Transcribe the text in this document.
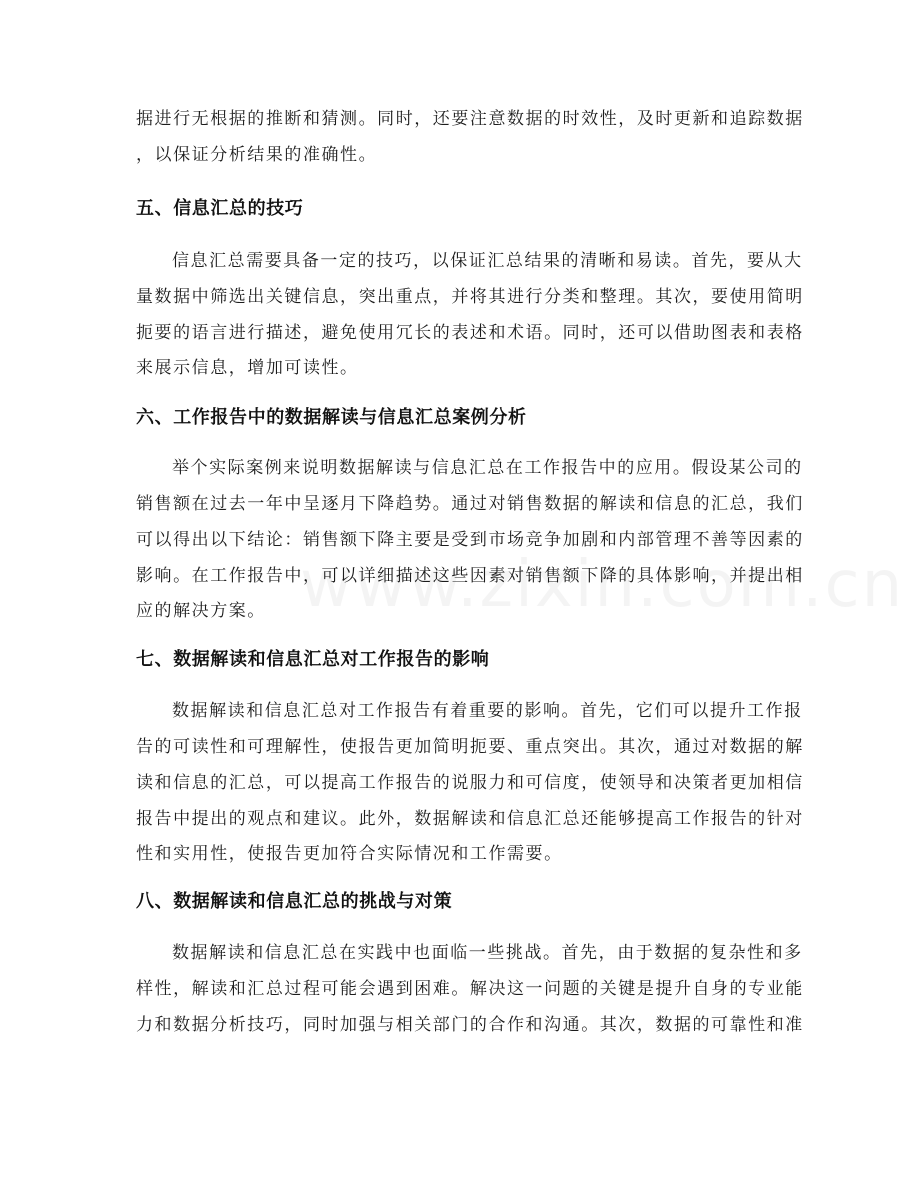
据进行无根据的推断和猜测。同时，还要注意数据的时效性，及时更新和追踪数据
，以保证分析结果的准确性。
五、信息汇总的技巧
信息汇总需要具备一定的技巧，以保证汇总结果的清晰和易读。首先，要从大
量数据中筛选出关键信息，突出重点，并将其进行分类和整理。其次，要使用简明
扼要的语言进行描述，避免使用冗长的表述和术语。同时，还可以借助图表和表格
来展示信息，增加可读性。
六、工作报告中的数据解读与信息汇总案例分析
举个实际案例来说明数据解读与信息汇总在工作报告中的应用。假设某公司的
销售额在过去一年中呈逐月下降趋势。通过对销售数据的解读和信息的汇总，我们
可以得出以下结论：销售额下降主要是受到市场竞争加剧和内部管理不善等因素的
影响。在工作报告中，可以详细描述这些因素对销售额下降的具体影响，并提出相
应的解决方案。
七、数据解读和信息汇总对工作报告的影响
数据解读和信息汇总对工作报告有着重要的影响。首先，它们可以提升工作报
告的可读性和可理解性，使报告更加简明扼要、重点突出。其次，通过对数据的解
读和信息的汇总，可以提高工作报告的说服力和可信度，使领导和决策者更加相信
报告中提出的观点和建议。此外，数据解读和信息汇总还能够提高工作报告的针对
性和实用性，使报告更加符合实际情况和工作需要。
八、数据解读和信息汇总的挑战与对策
数据解读和信息汇总在实践中也面临一些挑战。首先，由于数据的复杂性和多
样性，解读和汇总过程可能会遇到困难。解决这一问题的关键是提升自身的专业能
力和数据分析技巧，同时加强与相关部门的合作和沟通。其次，数据的可靠性和准
